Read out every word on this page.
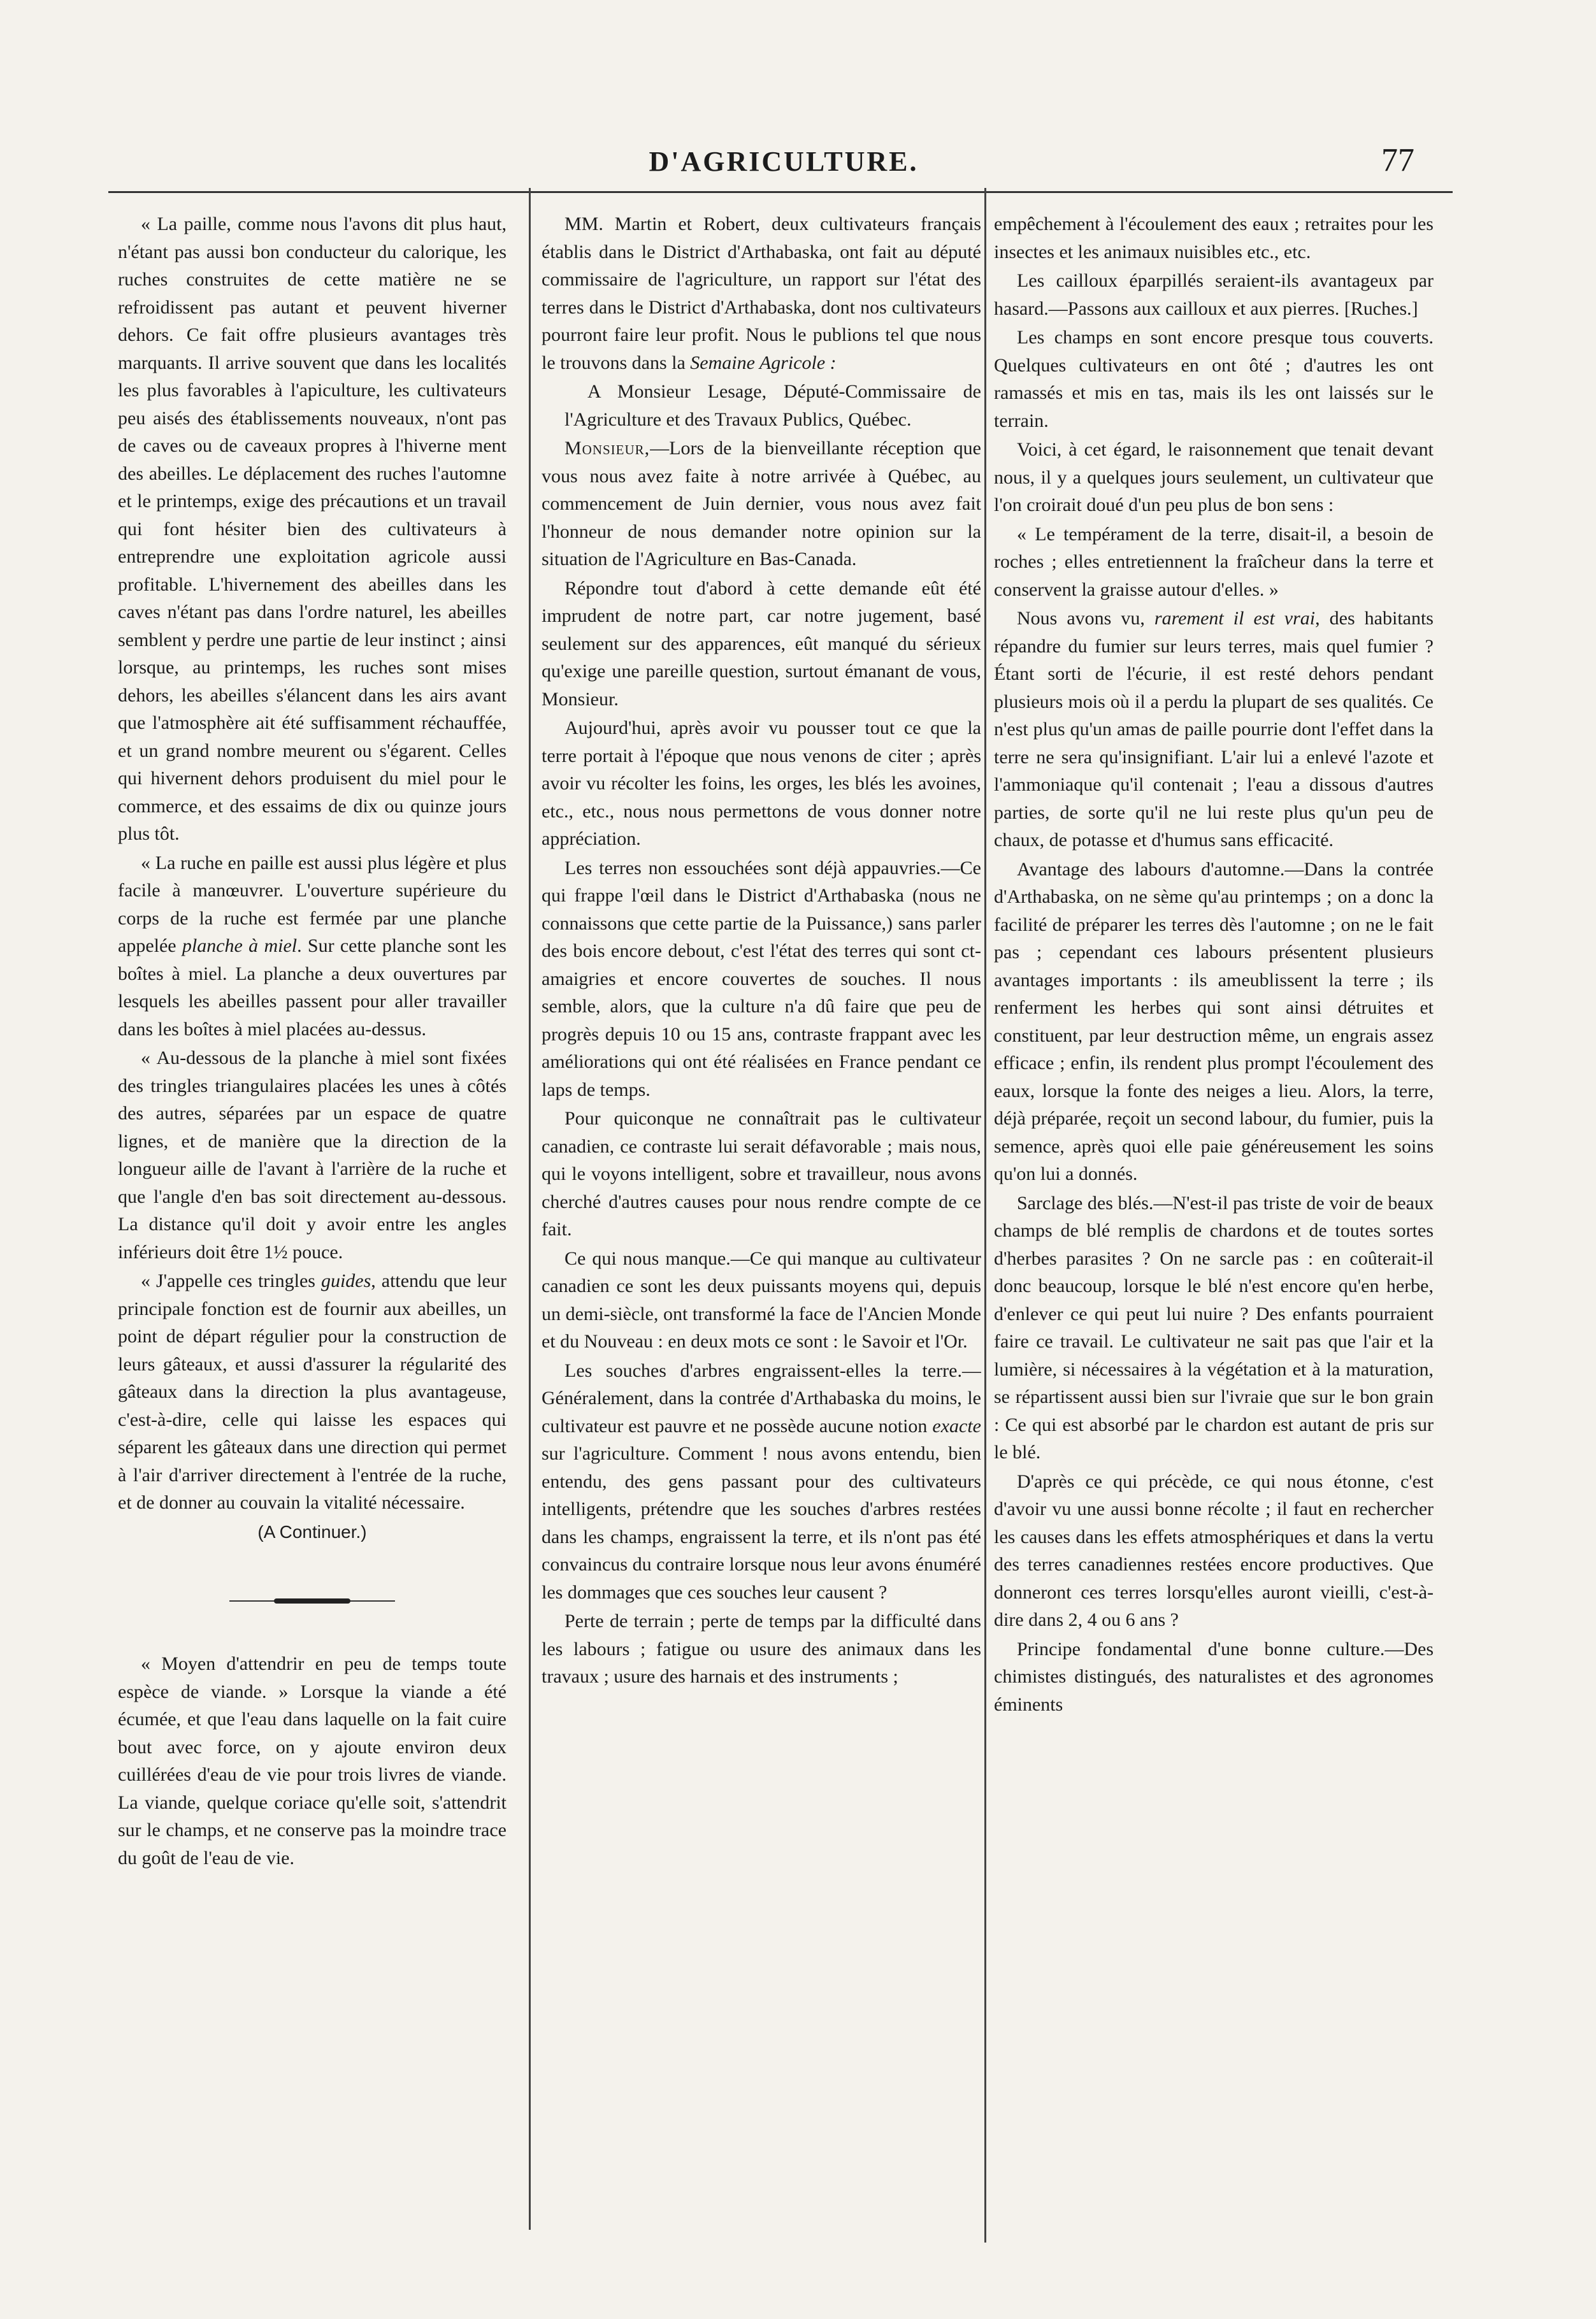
D'AGRICULTURE.	77

« La paille, comme nous l'avons dit plus haut, n'étant pas aussi bon conducteur du calorique, les ruches construites de cette matière ne se refroidissent pas autant et peuvent hiverner dehors. Ce fait offre plusieurs avantages très marquants. Il arrive souvent que dans les localités les plus favorables à l'apiculture, les cultivateurs peu aisés des établissements nouveaux, n'ont pas de caves ou de caveaux propres à l'hiverne ment des abeilles. Le déplacement des ruches l'automne et le printemps, exige des précautions et un travail qui font hésiter bien des cultivateurs à entreprendre une exploitation agricole aussi profitable. L'hivernement des abeilles dans les caves n'étant pas dans l'ordre naturel, les abeilles semblent y perdre une partie de leur instinct ; ainsi lorsque, au printemps, les ruches sont mises dehors, les abeilles s'élancent dans les airs avant que l'atmosphère ait été suffisamment réchauffée, et un grand nombre meurent ou s'égarent. Celles qui hivernent dehors produisent du miel pour le commerce, et des essaims de dix ou quinze jours plus tôt.

« La ruche en paille est aussi plus légère et plus facile à manœuvrer. L'ouverture supérieure du corps de la ruche est fermée par une planche appelée planche à miel. Sur cette planche sont les boîtes à miel. La planche a deux ouvertures par lesquels les abeilles passent pour aller travailler dans les boîtes à miel placées au-dessus.

« Au-dessous de la planche à miel sont fixées des tringles triangulaires placées les unes à côtés des autres, séparées par un espace de quatre lignes, et de manière que la direction de la longueur aille de l'avant à l'arrière de la ruche et que l'angle d'en bas soit directement au-dessous. La distance qu'il doit y avoir entre les angles inférieurs doit être 1½ pouce.

« J'appelle ces tringles guides, attendu que leur principale fonction est de fournir aux abeilles, un point de départ régulier pour la construction de leurs gâteaux, et aussi d'assurer la régularité des gâteaux dans la direction la plus avantageuse, c'est-à-dire, celle qui laisse les espaces qui séparent les gâteaux dans une direction qui permet à l'air d'arriver directement à l'entrée de la ruche, et de donner au couvain la vitalité nécessaire.

(A Continuer.)

« Moyen d'attendrir en peu de temps toute espèce de viande. » Lorsque la viande a été écumée, et que l'eau dans laquelle on la fait cuire bout avec force, on y ajoute environ deux cuillérées d'eau de vie pour trois livres de viande. La viande, quelque coriace qu'elle soit, s'attendrit sur le champs, et ne conserve pas la moindre trace du goût de l'eau de vie.

MM. Martin et Robert, deux cultivateurs français établis dans le District d'Arthabaska, ont fait au député commissaire de l'agriculture, un rapport sur l'état des terres dans le District d'Arthabaska, dont nos cultivateurs pourront faire leur profit. Nous le publions tel que nous le trouvons dans la Semaine Agricole :

A Monsieur Lesage, Député-Commissaire de l'Agriculture et des Travaux Publics, Québec.

Monsieur,—Lors de la bienveillante réception que vous nous avez faite à notre arrivée à Québec, au commencement de Juin dernier, vous nous avez fait l'honneur de nous demander notre opinion sur la situation de l'Agriculture en Bas-Canada.

Répondre tout d'abord à cette demande eût été imprudent de notre part, car notre jugement, basé seulement sur des apparences, eût manqué du sérieux qu'exige une pareille question, surtout émanant de vous, Monsieur.

Aujourd'hui, après avoir vu pousser tout ce que la terre portait à l'époque que nous venons de citer ; après avoir vu récolter les foins, les orges, les blés les avoines, etc., etc., nous nous permettons de vous donner notre appréciation.

Les terres non essouchées sont déjà appauvries.—Ce qui frappe l'œil dans le District d'Arthabaska (nous ne connaissons que cette partie de la Puissance,) sans parler des bois encore debout, c'est l'état des terres qui sont ct-amaigries et encore couvertes de souches. Il nous semble, alors, que la culture n'a dû faire que peu de progrès depuis 10 ou 15 ans, contraste frappant avec les améliorations qui ont été réalisées en France pendant ce laps de temps.

Pour quiconque ne connaîtrait pas le cultivateur canadien, ce contraste lui serait défavorable ; mais nous, qui le voyons intelligent, sobre et travailleur, nous avons cherché d'autres causes pour nous rendre compte de ce fait.

Ce qui nous manque.—Ce qui manque au cultivateur canadien ce sont les deux puissants moyens qui, depuis un demi-siècle, ont transformé la face de l'Ancien Monde et du Nouveau : en deux mots ce sont : le Savoir et l'Or.

Les souches d'arbres engraissent-elles la terre.—Généralement, dans la contrée d'Arthabaska du moins, le cultivateur est pauvre et ne possède aucune notion exacte sur l'agriculture. Comment ! nous avons entendu, bien entendu, des gens passant pour des cultivateurs intelligents, prétendre que les souches d'arbres restées dans les champs, engraissent la terre, et ils n'ont pas été convaincus du contraire lorsque nous leur avons énuméré les dommages que ces souches leur causent ?

Perte de terrain ; perte de temps par la difficulté dans les labours ; fatigue ou usure des animaux dans les travaux ; usure des harnais et des instruments ;

empêchement à l'écoulement des eaux ; retraites pour les insectes et les animaux nuisibles etc., etc.

Les cailloux éparpillés seraient-ils avantageux par hasard.—Passons aux cailloux et aux pierres. [Ruches.]

Les champs en sont encore presque tous couverts. Quelques cultivateurs en ont ôté ; d'autres les ont ramassés et mis en tas, mais ils les ont laissés sur le terrain.

Voici, à cet égard, le raisonnement que tenait devant nous, il y a quelques jours seulement, un cultivateur que l'on croirait doué d'un peu plus de bon sens :

« Le tempérament de la terre, disait-il, a besoin de roches ; elles entretiennent la fraîcheur dans la terre et conservent la graisse autour d'elles. »

Nous avons vu, rarement il est vrai, des habitants répandre du fumier sur leurs terres, mais quel fumier ? Étant sorti de l'écurie, il est resté dehors pendant plusieurs mois où il a perdu la plupart de ses qualités. Ce n'est plus qu'un amas de paille pourrie dont l'effet dans la terre ne sera qu'insignifiant. L'air lui a enlevé l'azote et l'ammoniaque qu'il contenait ; l'eau a dissous d'autres parties, de sorte qu'il ne lui reste plus qu'un peu de chaux, de potasse et d'humus sans efficacité.

Avantage des labours d'automne.—Dans la contrée d'Arthabaska, on ne sème qu'au printemps ; on a donc la facilité de préparer les terres dès l'automne ; on ne le fait pas ; cependant ces labours présentent plusieurs avantages importants : ils ameublissent la terre ; ils renferment les herbes qui sont ainsi détruites et constituent, par leur destruction même, un engrais assez efficace ; enfin, ils rendent plus prompt l'écoulement des eaux, lorsque la fonte des neiges a lieu. Alors, la terre, déjà préparée, reçoit un second labour, du fumier, puis la semence, après quoi elle paie généreusement les soins qu'on lui a donnés.

Sarclage des blés.—N'est-il pas triste de voir de beaux champs de blé remplis de chardons et de toutes sortes d'herbes parasites ? On ne sarcle pas : en coûterait-il donc beaucoup, lorsque le blé n'est encore qu'en herbe, d'enlever ce qui peut lui nuire ? Des enfants pourraient faire ce travail. Le cultivateur ne sait pas que l'air et la lumière, si nécessaires à la végétation et à la maturation, se répartissent aussi bien sur l'ivraie que sur le bon grain : Ce qui est absorbé par le chardon est autant de pris sur le blé.

D'après ce qui précède, ce qui nous étonne, c'est d'avoir vu une aussi bonne récolte ; il faut en rechercher les causes dans les effets atmosphériques et dans la vertu des terres canadiennes restées encore productives. Que donneront ces terres lorsqu'elles auront vieilli, c'est-à-dire dans 2, 4 ou 6 ans ?

Principe fondamental d'une bonne culture.—Des chimistes distingués, des naturalistes et des agronomes éminents
